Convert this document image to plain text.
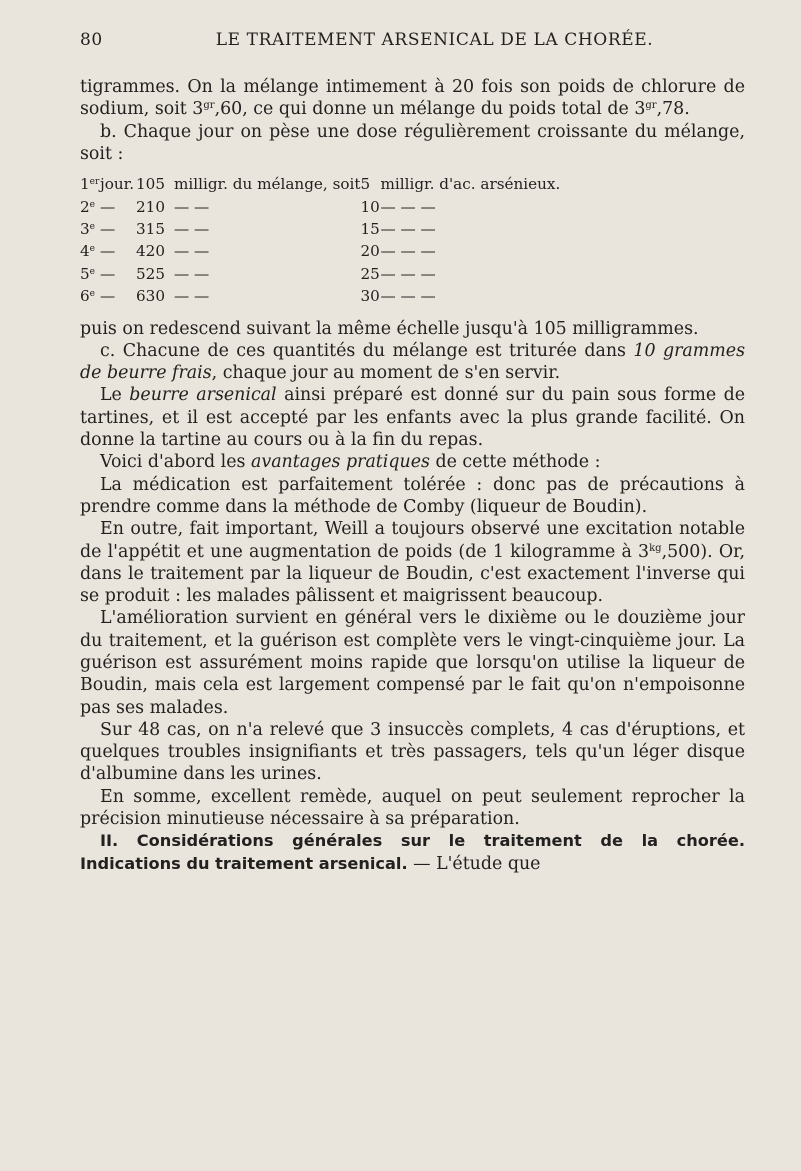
80	LE TRAITEMENT ARSENICAL DE LA CHORÉE.

tigrammes. On la mélange intimement à 20 fois son poids de chlorure de sodium, soit $3^{gr},60$, ce qui donne un mélange du poids total de $3^{gr},78$.

b. Chaque jour on pèse une dose régulièrement croissante du mélange, soit :

1er	jour.	105	milligr. du mélange, soit	5	milligr. d'ac. arsénieux.
2e	—	210	— —	10	— — —
3e	—	315	— —	15	— — —
4e	—	420	— —	20	— — —
5e	—	525	— —	25	— — —
6e	—	630	— —	30	— — —

puis on redescend suivant la même échelle jusqu'à 105 milligrammes.

c. Chacune de ces quantités du mélange est triturée dans 10 grammes de beurre frais, chaque jour au moment de s'en servir.

Le beurre arsenical ainsi préparé est donné sur du pain sous forme de tartines, et il est accepté par les enfants avec la plus grande facilité. On donne la tartine au cours ou à la fin du repas.

Voici d'abord les avantages pratiques de cette méthode :

La médication est parfaitement tolérée : donc pas de précautions à prendre comme dans la méthode de Comby (liqueur de Boudin).

En outre, fait important, Weill a toujours observé une excitation notable de l'appétit et une augmentation de poids (de 1 kilogramme à $3^{kg},500$). Or, dans le traitement par la liqueur de Boudin, c'est exactement l'inverse qui se produit : les malades pâlissent et maigrissent beaucoup.

L'amélioration survient en général vers le dixième ou le douzième jour du traitement, et la guérison est complète vers le vingt-cinquième jour. La guérison est assurément moins rapide que lorsqu'on utilise la liqueur de Boudin, mais cela est largement compensé par le fait qu'on n'empoisonne pas ses malades.

Sur 48 cas, on n'a relevé que 3 insuccès complets, 4 cas d'éruptions, et quelques troubles insignifiants et très passagers, tels qu'un léger disque d'albumine dans les urines.

En somme, excellent remède, auquel on peut seulement reprocher la précision minutieuse nécessaire à sa préparation.

II. Considérations générales sur le traitement de la chorée. Indications du traitement arsenical. — L'étude que
